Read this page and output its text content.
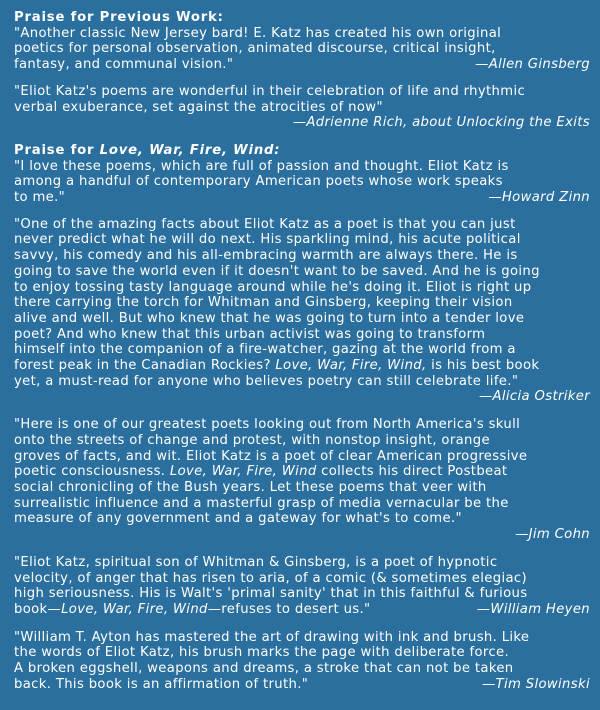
Praise for Previous Work:
"Another classic New Jersey bard! E. Katz has created his own original
poetics for personal observation, animated discourse, critical insight,
—Allen Ginsberg
fantasy, and communal vision."
"Eliot Katz's poems are wonderful in their celebration of life and rhythmic
verbal exuberance, set against the atrocities of now"
—Adrienne Rich, about Unlocking the Exits
Praise for Love, War, Fire, Wind:
"I love these poems, which are full of passion and thought. Eliot Katz is
among a handful of contemporary American poets whose work speaks
—Howard Zinn
to me."
"One of the amazing facts about Eliot Katz as a poet is that you can just
never predict what he will do next. His sparkling mind, his acute political
savvy, his comedy and his all-embracing warmth are always there. He is
going to save the world even if it doesn't want to be saved. And he is going
to enjoy tossing tasty language around while he's doing it. Eliot is right up
there carrying the torch for Whitman and Ginsberg, keeping their vision
alive and well. But who knew that he was going to turn into a tender love
poet? And who knew that this urban activist was going to transform
himself into the companion of a fire-watcher, gazing at the world from a
forest peak in the Canadian Rockies? Love, War, Fire, Wind, is his best book
yet, a must-read for anyone who believes poetry can still celebrate life."
—Alicia Ostriker
"Here is one of our greatest poets looking out from North America's skull
onto the streets of change and protest, with nonstop insight, orange
groves of facts, and wit. Eliot Katz is a poet of clear American progressive
poetic consciousness. Love, War, Fire, Wind collects his direct Postbeat
social chronicling of the Bush years. Let these poems that veer with
surrealistic influence and a masterful grasp of media vernacular be the
measure of any government and a gateway for what's to come."
—Jim Cohn
"Eliot Katz, spiritual son of Whitman & Ginsberg, is a poet of hypnotic
velocity, of anger that has risen to aria, of a comic (& sometimes elegiac)
high seriousness. His is Walt's 'primal sanity' that in this faithful & furious
—William Heyen
book—Love, War, Fire, Wind—refuses to desert us."
"William T. Ayton has mastered the art of drawing with ink and brush. Like
the words of Eliot Katz, his brush marks the page with deliberate force.
A broken eggshell, weapons and dreams, a stroke that can not be taken
—Tim Slowinski
back. This book is an affirmation of truth."
